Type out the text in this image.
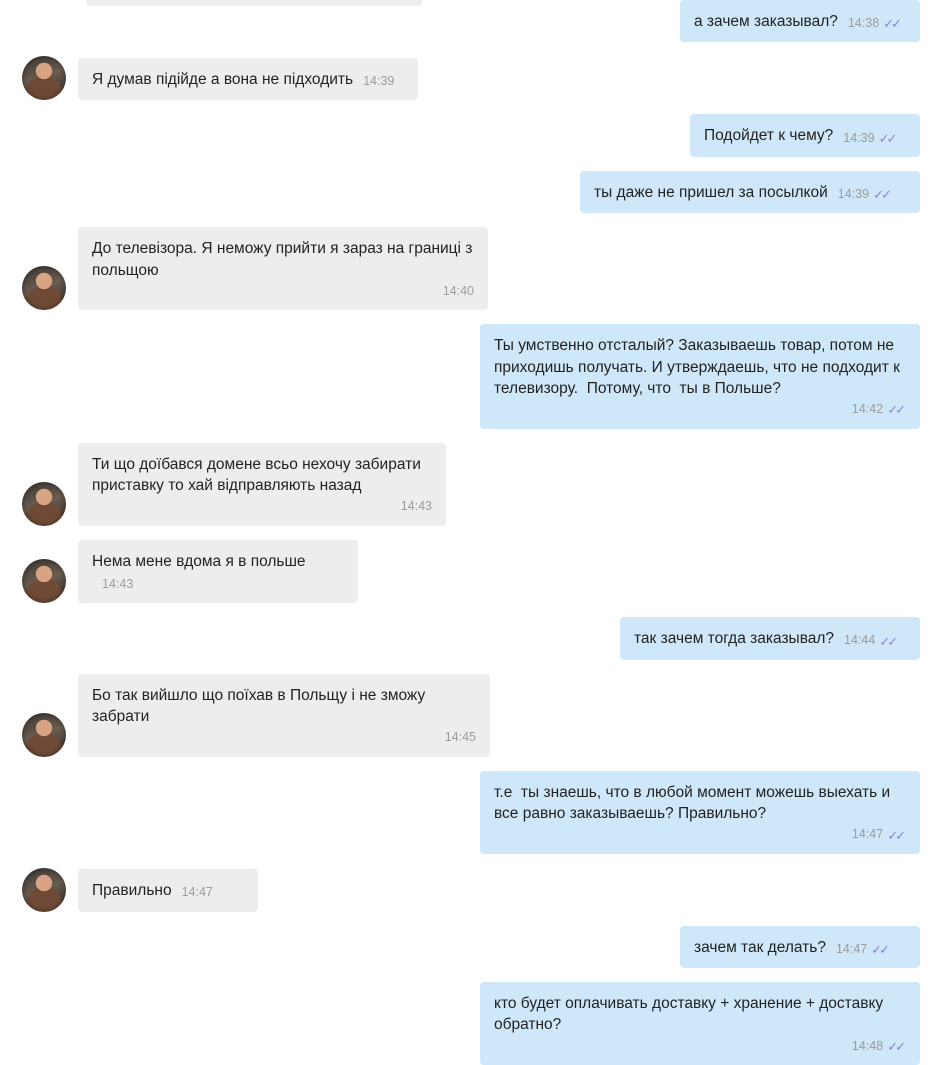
а зачем заказывал? 14:38 ✓✓
Я думав підійде а вона не підходить 14:39
Подойдет к чему? 14:39 ✓✓
ты даже не пришел за посылкой 14:39 ✓✓
До телевізора. Я неможу прийти я зараз на границі з польщою
14:40
Ты умственно отсталый? Заказываешь товар, потом не приходишь получать. И утверждаешь, что не подходит к телевизору.  Потому, что  ты в Польше?
14:42 ✓✓
Ти що доїбався домене всьо нехочу забирати приставку то хай відправляють назад
14:43
Нема мене вдома я в польше
14:43
так зачем тогда заказывал? 14:44 ✓✓
Бо так вийшло що поїхав в Польщу і не зможу забрати
14:45
т.е  ты знаешь, что в любой момент можешь выехать и все равно заказываешь? Правильно?
14:47 ✓✓
Правильно 14:47
зачем так делать? 14:47 ✓✓
кто будет оплачивать доставку + хранение + доставку обратно?
14:48 ✓✓
